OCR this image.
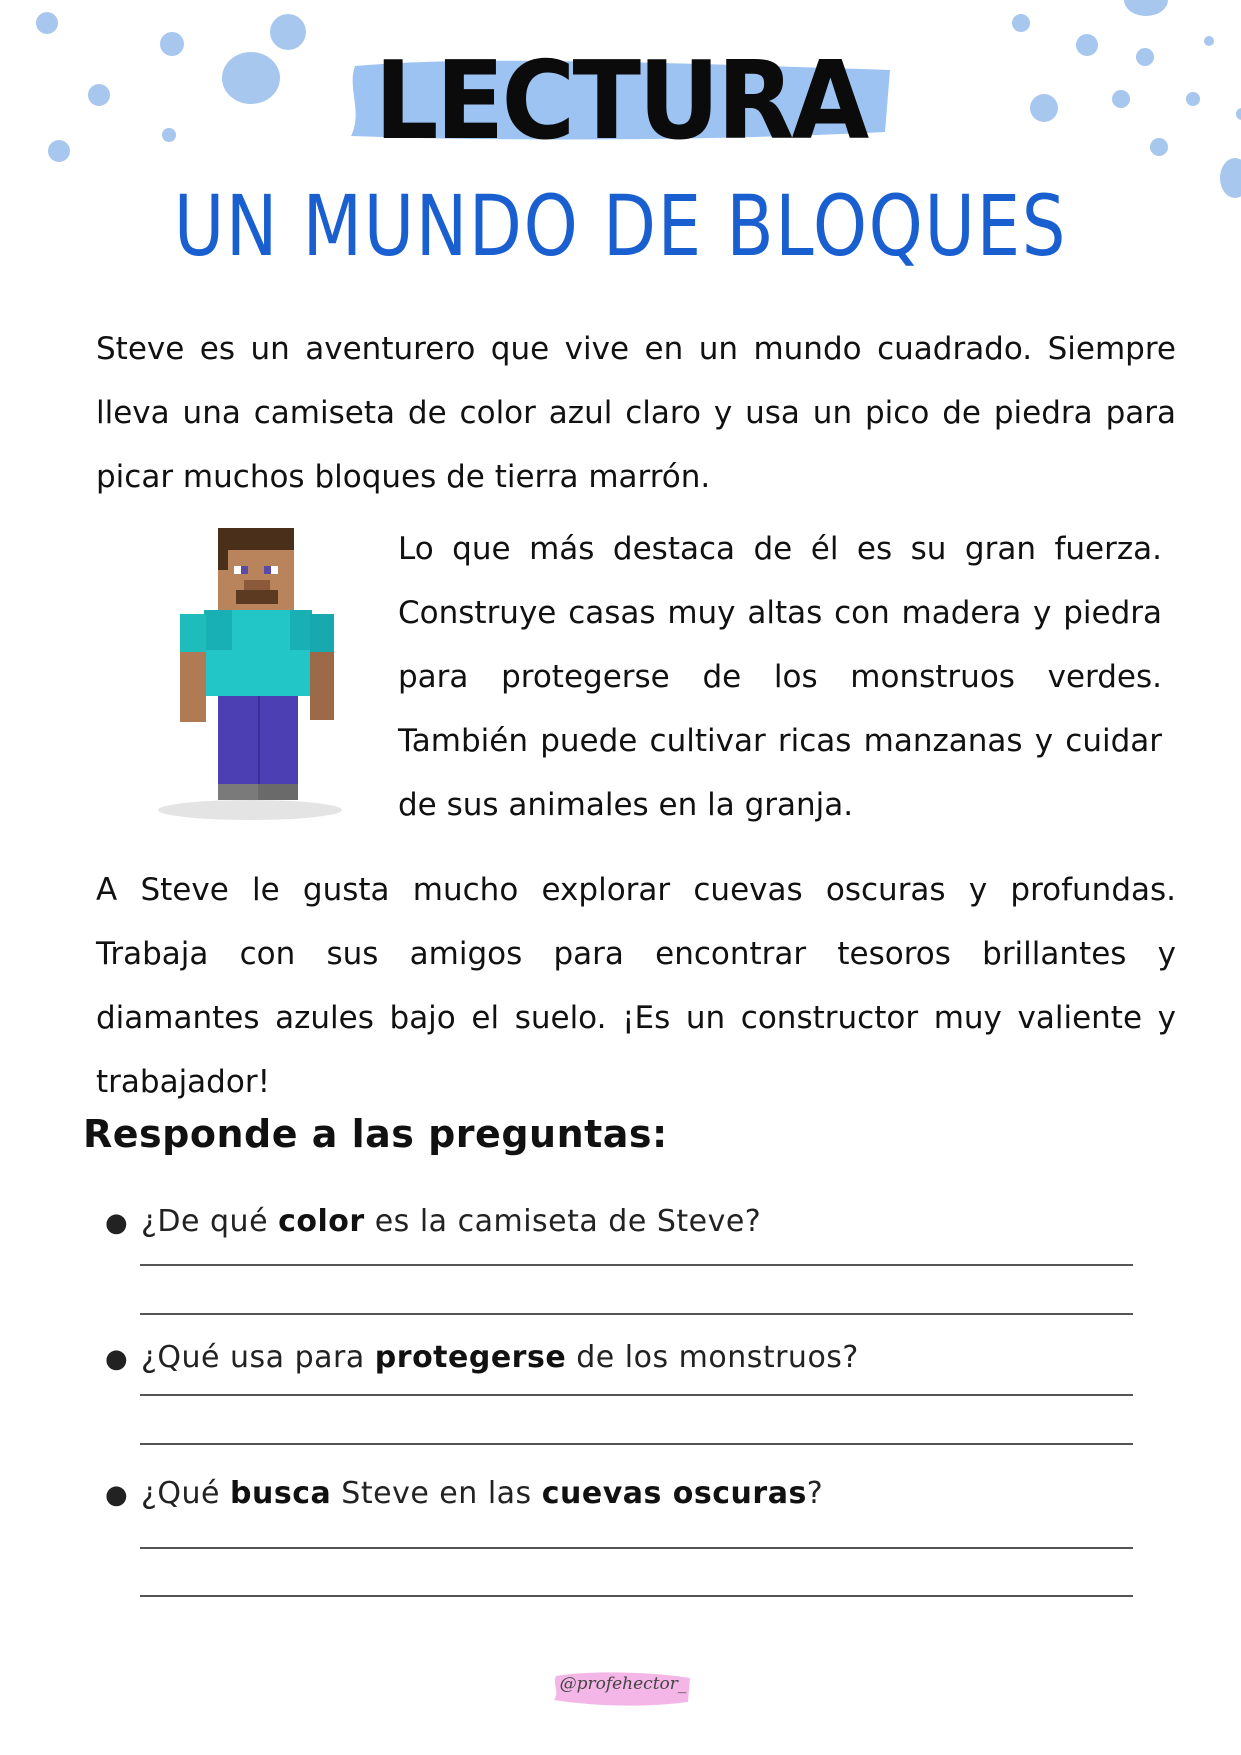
LECTURA
UN MUNDO DE BLOQUES
Steve es un aventurero que vive en un mundo cuadrado. Siempre lleva una camiseta de color azul claro y usa un pico de piedra para picar muchos bloques de tierra marrón.
Lo que más destaca de él es su gran fuerza. Construye casas muy altas con madera y piedra para protegerse de los monstruos verdes. También puede cultivar ricas manzanas y cuidar de sus animales en la granja.
A Steve le gusta mucho explorar cuevas oscuras y profundas. Trabaja con sus amigos para encontrar tesoros brillantes y diamantes azules bajo el suelo. ¡Es un constructor muy valiente y trabajador!
Responde a las preguntas:
● ¿De qué color es la camiseta de Steve?
● ¿Qué usa para protegerse de los monstruos?
● ¿Qué busca Steve en las cuevas oscuras?
@profehector_
